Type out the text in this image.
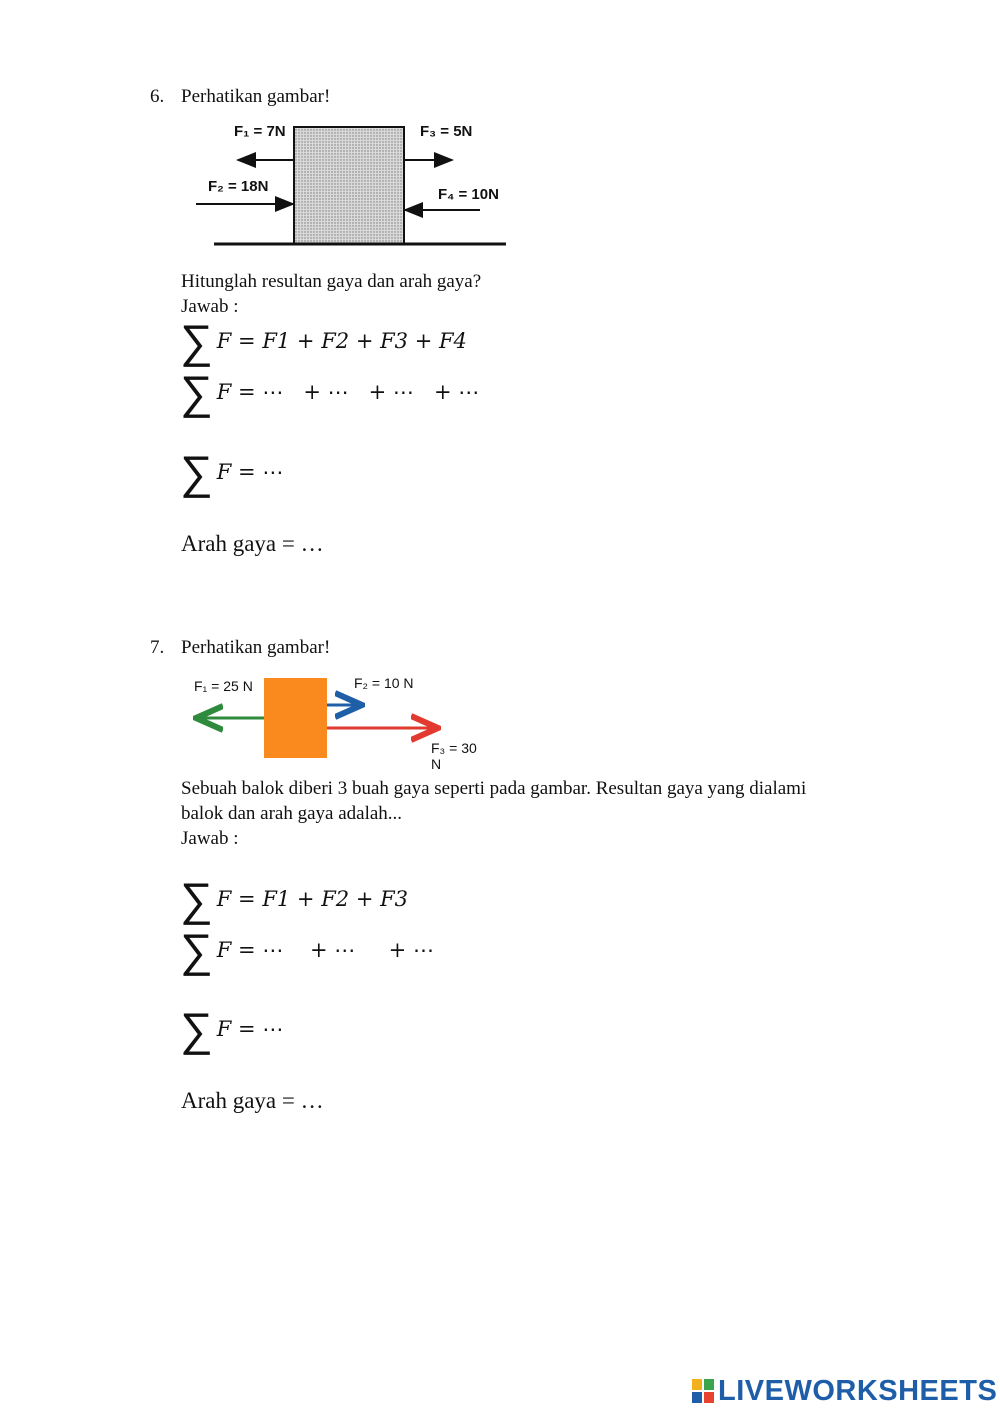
6. Perhatikan gambar!
F₁ = 7N
F₂ = 18N
F₃ = 5N
F₄ = 10N
Hitunglah resultan gaya dan arah gaya?
Jawab :
∑ F = F1 + F2 + F3 + F4
∑ F = ⋯   + ⋯   + ⋯   + ⋯
∑ F = ⋯
Arah gaya = …
7. Perhatikan gambar!
F₁ = 25 N	F₂ = 10 N
F₃ = 30 N
Sebuah balok diberi 3 buah gaya seperti pada gambar. Resultan gaya yang dialami
balok dan arah gaya adalah...
Jawab :
∑ F = F1 + F2 + F3
∑ F = ⋯    + ⋯     + ⋯
∑ F = ⋯
Arah gaya = …
LIVEWORKSHEETS
